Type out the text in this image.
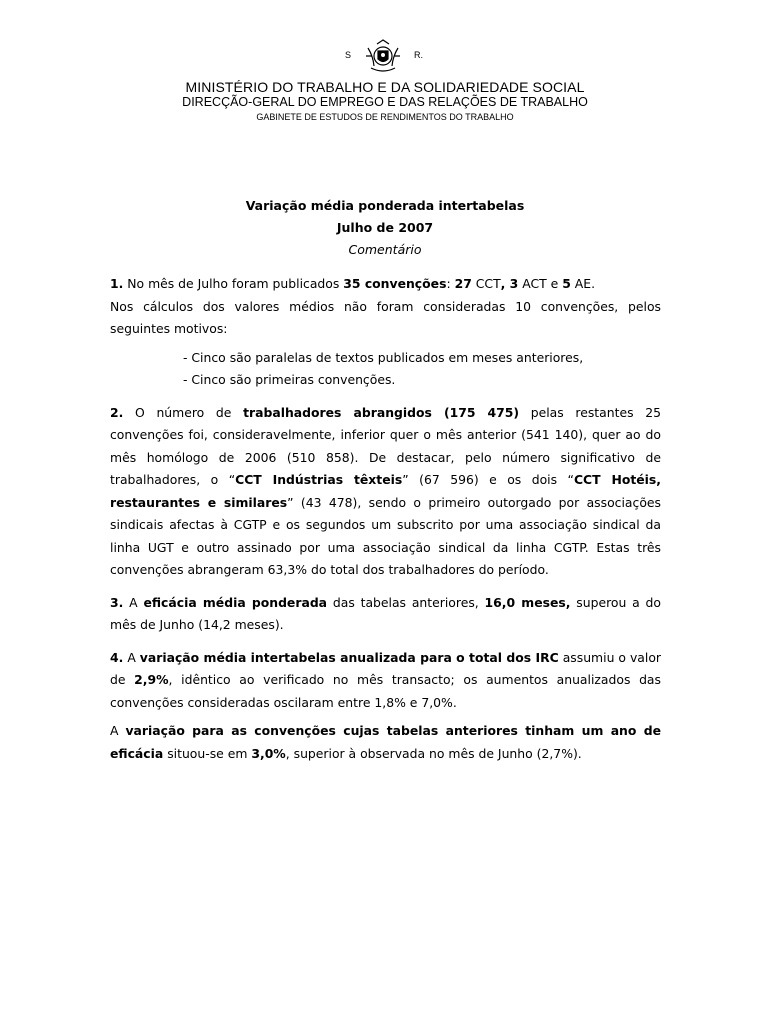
S	R.
MINISTÉRIO DO TRABALHO E DA SOLIDARIEDADE SOCIAL
DIRECÇÃO-GERAL DO EMPREGO E DAS RELAÇÕES DE TRABALHO
GABINETE DE ESTUDOS DE RENDIMENTOS DO TRABALHO
Variação média ponderada intertabelas
Julho de 2007
Comentário

1. No mês de Julho foram publicados 35 convenções: 27 CCT, 3 ACT e 5 AE.

Nos cálculos dos valores médios não foram consideradas 10 convenções, pelos seguintes motivos:

- Cinco são paralelas de textos publicados em meses anteriores,
- Cinco são primeiras convenções.

2. O número de trabalhadores abrangidos (175 475) pelas restantes 25 convenções foi, consideravelmente, inferior quer o mês anterior (541 140), quer ao do mês homólogo de 2006 (510 858). De destacar, pelo número significativo de trabalhadores, o “CCT Indústrias têxteis” (67 596) e os dois “CCT Hotéis, restaurantes e similares” (43 478), sendo o primeiro outorgado por associações sindicais afectas à CGTP e os segundos um subscrito por uma associação sindical da linha UGT e outro assinado por uma associação sindical da linha CGTP. Estas três convenções abrangeram 63,3% do total dos trabalhadores do período.

3. A eficácia média ponderada das tabelas anteriores, 16,0 meses, superou a do mês de Junho (14,2 meses).

4. A variação média intertabelas anualizada para o total dos IRC assumiu o valor de 2,9%, idêntico ao verificado no mês transacto; os aumentos anualizados das convenções consideradas oscilaram entre 1,8% e 7,0%.

A variação para as convenções cujas tabelas anteriores tinham um ano de eficácia situou-se em 3,0%, superior à observada no mês de Junho (2,7%).
